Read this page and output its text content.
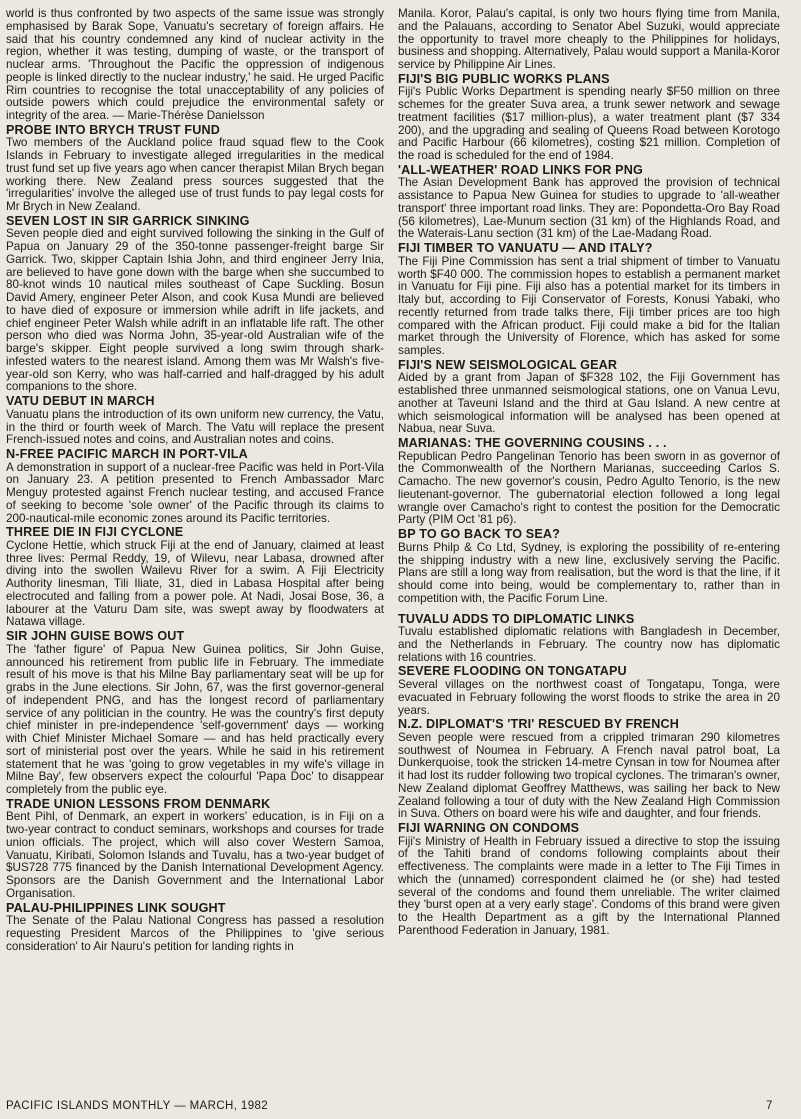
world is thus confronted by two aspects of the same issue was strongly emphasised by Barak Sope, Vanuatu's secretary of foreign affairs. He said that his country condemned any kind of nuclear activity in the region, whether it was testing, dumping of waste, or the transport of nuclear arms. 'Throughout the Pacific the oppression of indigenous people is linked directly to the nuclear industry,' he said. He urged Pacific Rim countries to recognise the total unacceptability of any policies of outside powers which could prejudice the environmental safety or integrity of the area. — Marie-Thérèse Danielsson

PROBE INTO BRYCH TRUST FUND

Two members of the Auckland police fraud squad flew to the Cook Islands in February to investigate alleged irregularities in the medical trust fund set up five years ago when cancer therapist Milan Brych began working there. New Zealand press sources suggested that the 'irregularities' involve the alleged use of trust funds to pay legal costs for Mr Brych in New Zealand.

SEVEN LOST IN SIR GARRICK SINKING

Seven people died and eight survived following the sinking in the Gulf of Papua on January 29 of the 350-tonne passenger-freight barge Sir Garrick. Two, skipper Captain Ishia John, and third engineer Jerry Inia, are believed to have gone down with the barge when she succumbed to 80-knot winds 10 nautical miles southeast of Cape Suckling. Bosun David Amery, engineer Peter Alson, and cook Kusa Mundi are believed to have died of exposure or immersion while adrift in life jackets, and chief engineer Peter Walsh while adrift in an inflatable life raft. The other person who died was Norma John, 35-year-old Australian wife of the barge's skipper. Eight people survived a long swim through shark-infested waters to the nearest island. Among them was Mr Walsh's five-year-old son Kerry, who was half-carried and half-dragged by his adult companions to the shore.

VATU DEBUT IN MARCH

Vanuatu plans the introduction of its own uniform new currency, the Vatu, in the third or fourth week of March. The Vatu will replace the present French-issued notes and coins, and Australian notes and coins.

N-FREE PACIFIC MARCH IN PORT-VILA

A demonstration in support of a nuclear-free Pacific was held in Port-Vila on January 23. A petition presented to French Ambassador Marc Menguy protested against French nuclear testing, and accused France of seeking to become 'sole owner' of the Pacific through its claims to 200-nautical-mile economic zones around its Pacific territories.

THREE DIE IN FIJI CYCLONE

Cyclone Hettie, which struck Fiji at the end of January, claimed at least three lives: Permal Reddy, 19, of Wilevu, near Labasa, drowned after diving into the swollen Wailevu River for a swim. A Fiji Electricity Authority linesman, Tili Iliate, 31, died in Labasa Hospital after being electrocuted and falling from a power pole. At Nadi, Josai Bose, 36, a labourer at the Vaturu Dam site, was swept away by floodwaters at Natawa village.

SIR JOHN GUISE BOWS OUT

The 'father figure' of Papua New Guinea politics, Sir John Guise, announced his retirement from public life in February. The immediate result of his move is that his Milne Bay parliamentary seat will be up for grabs in the June elections. Sir John, 67, was the first governor-general of independent PNG, and has the longest record of parliamentary service of any politician in the country. He was the country's first deputy chief minister in pre-independence 'self-government' days — working with Chief Minister Michael Somare — and has held practically every sort of ministerial post over the years. While he said in his retirement statement that he was 'going to grow vegetables in my wife's village in Milne Bay', few observers expect the colourful 'Papa Doc' to disappear completely from the public eye.

TRADE UNION LESSONS FROM DENMARK

Bent Pihl, of Denmark, an expert in workers' education, is in Fiji on a two-year contract to conduct seminars, workshops and courses for trade union officials. The project, which will also cover Western Samoa, Vanuatu, Kiribati, Solomon Islands and Tuvalu, has a two-year budget of $US728 775 financed by the Danish International Development Agency. Sponsors are the Danish Government and the International Labor Organisation.

PALAU-PHILIPPINES LINK SOUGHT

The Senate of the Palau National Congress has passed a resolution requesting President Marcos of the Philippines to 'give serious consideration' to Air Nauru's petition for landing rights in

Manila. Koror, Palau's capital, is only two hours flying time from Manila, and the Palauans, according to Senator Abel Suzuki, would appreciate the opportunity to travel more cheaply to the Philippines for holidays, business and shopping. Alternatively, Palau would support a Manila-Koror service by Philippine Air Lines.

FIJI'S BIG PUBLIC WORKS PLANS

Fiji's Public Works Department is spending nearly $F50 million on three schemes for the greater Suva area, a trunk sewer network and sewage treatment facilities ($17 million-plus), a water treatment plant ($7 334 200), and the upgrading and sealing of Queens Road between Korotogo and Pacific Harbour (66 kilometres), costing $21 million. Completion of the road is scheduled for the end of 1984.

'ALL-WEATHER' ROAD LINKS FOR PNG

The Asian Development Bank has approved the provision of technical assistance to Papua New Guinea for studies to upgrade to 'all-weather transport' three important road links. They are: Popondetta-Oro Bay Road (56 kilometres), Lae-Munum section (31 km) of the Highlands Road, and the Waterais-Lanu section (31 km) of the Lae-Madang Road.

FIJI TIMBER TO VANUATU — AND ITALY?

The Fiji Pine Commission has sent a trial shipment of timber to Vanuatu worth $F40 000. The commission hopes to establish a permanent market in Vanuatu for Fiji pine. Fiji also has a potential market for its timbers in Italy but, according to Fiji Conservator of Forests, Konusi Yabaki, who recently returned from trade talks there, Fiji timber prices are too high compared with the African product. Fiji could make a bid for the Italian market through the University of Florence, which has asked for some samples.

FIJI'S NEW SEISMOLOGICAL GEAR

Aided by a grant from Japan of $F328 102, the Fiji Government has established three unmanned seismological stations, one on Vanua Levu, another at Taveuni Island and the third at Gau Island. A new centre at which seismological information will be analysed has been opened at Nabua, near Suva.

MARIANAS: THE GOVERNING COUSINS . . .

Republican Pedro Pangelinan Tenorio has been sworn in as governor of the Commonwealth of the Northern Marianas, succeeding Carlos S. Camacho. The new governor's cousin, Pedro Agulto Tenorio, is the new lieutenant-governor. The gubernatorial election followed a long legal wrangle over Camacho's right to contest the position for the Democratic Party (PIM Oct '81 p6).

BP TO GO BACK TO SEA?

Burns Philp & Co Ltd, Sydney, is exploring the possibility of re-entering the shipping industry with a new line, exclusively serving the Pacific. Plans are still a long way from realisation, but the word is that the line, if it should come into being, would be complementary to, rather than in competition with, the Pacific Forum Line.

TUVALU ADDS TO DIPLOMATIC LINKS

Tuvalu established diplomatic relations with Bangladesh in December, and the Netherlands in February. The country now has diplomatic relations with 16 countries.

SEVERE FLOODING ON TONGATAPU

Several villages on the northwest coast of Tongatapu, Tonga, were evacuated in February following the worst floods to strike the area in 20 years.

N.Z. DIPLOMAT'S 'TRI' RESCUED BY FRENCH

Seven people were rescued from a crippled trimaran 290 kilometres southwest of Noumea in February. A French naval patrol boat, La Dunkerquoise, took the stricken 14-metre Cynsan in tow for Noumea after it had lost its rudder following two tropical cyclones. The trimaran's owner, New Zealand diplomat Geoffrey Matthews, was sailing her back to New Zealand following a tour of duty with the New Zealand High Commission in Suva. Others on board were his wife and daughter, and four friends.

FIJI WARNING ON CONDOMS

Fiji's Ministry of Health in February issued a directive to stop the issuing of the Tahiti brand of condoms following complaints about their effectiveness. The complaints were made in a letter to The Fiji Times in which the (unnamed) correspondent claimed he (or she) had tested several of the condoms and found them unreliable. The writer claimed they 'burst open at a very early stage'. Condoms of this brand were given to the Health Department as a gift by the International Planned Parenthood Federation in January, 1981.

PACIFIC ISLANDS MONTHLY — MARCH, 1982	7
